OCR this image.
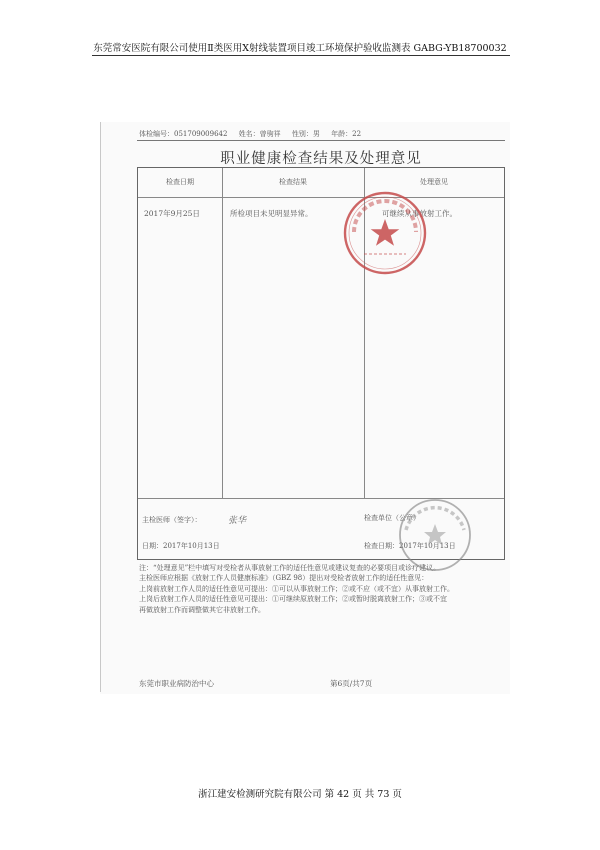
东莞常安医院有限公司使用Ⅱ类医用X射线装置项目竣工环境保护验收监测表 GABG-YB18700032
体检编号：051709009642 姓名：曾驹祥 性别：男 年龄：22
职业健康检查结果及处理意见
检查日期	检查结果	处理意见
2017年9月25日	所检项目未见明显异常。	可继续从事放射工作。
主检医师（签字）：	张华
日期：2017年10月13日
检查单位（公章）
检查日期：2017年10月13日
注：“处理意见”栏中填写对受检者从事放射工作的适任性意见或建议复查的必要项目或诊疗建议。
主检医师应根据《放射工作人员健康标准》（GBZ 98）提出对受检者放射工作的适任性意见：
上岗前放射工作人员的适任性意见可提出：①可以从事放射工作；②或不应（或不宜）从事放射工作。
上岗后放射工作人员的适任性意见可提出：①可继续原放射工作；②或暂时脱离放射工作；③或不宜
再做放射工作而调整做其它非放射工作。
东莞市职业病防治中心	第6页/共7页
浙江建安检测研究院有限公司 第 42 页 共 73 页
